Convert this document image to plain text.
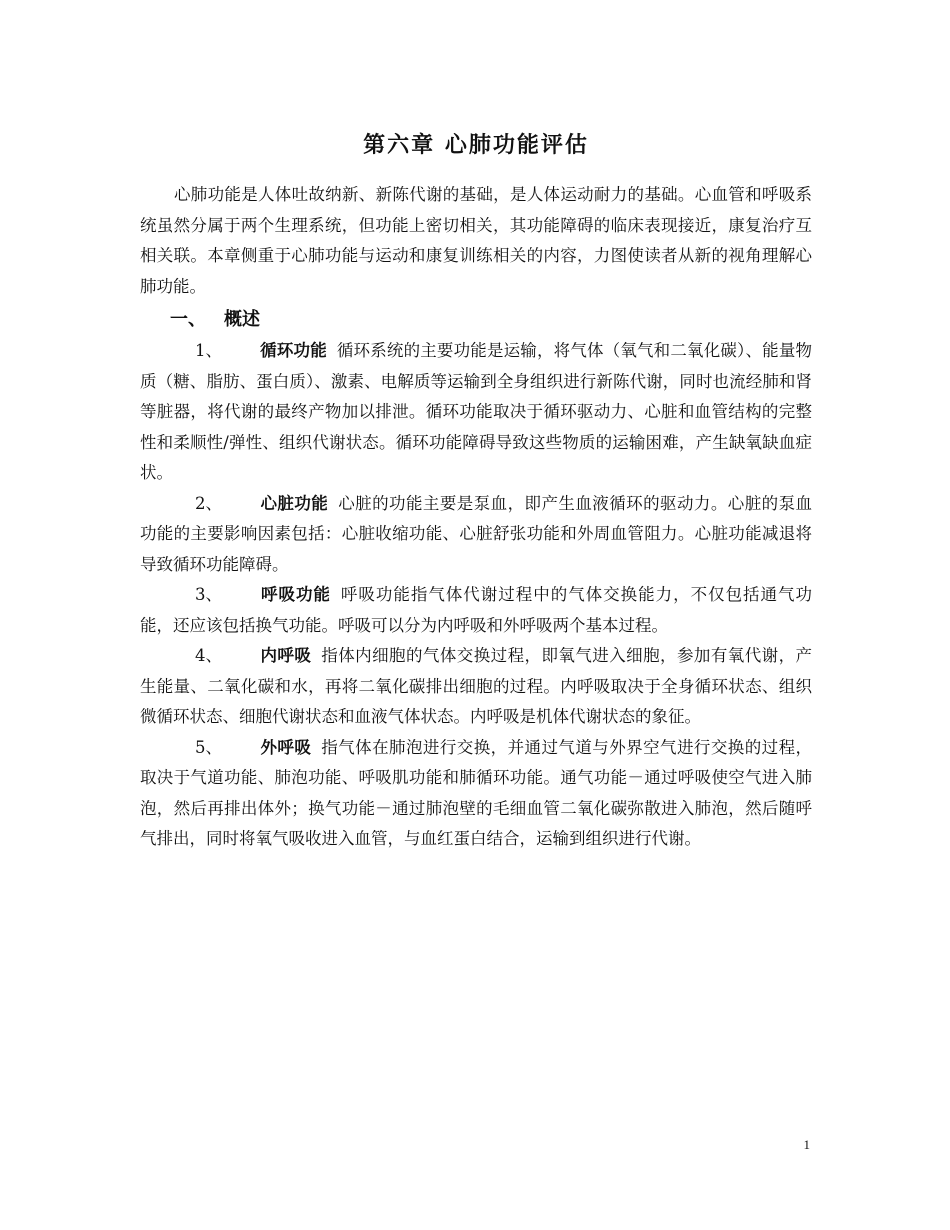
第六章 心肺功能评估

心肺功能是人体吐故纳新、新陈代谢的基础，是人体运动耐力的基础。心血管和呼吸系统虽然分属于两个生理系统，但功能上密切相关，其功能障碍的临床表现接近，康复治疗互相关联。本章侧重于心肺功能与运动和康复训练相关的内容，力图使读者从新的视角理解心肺功能。

一、 概述

1、 循环功能 循环系统的主要功能是运输，将气体（氧气和二氧化碳）、能量物质（糖、脂肪、蛋白质）、激素、电解质等运输到全身组织进行新陈代谢，同时也流经肺和肾等脏器，将代谢的最终产物加以排泄。循环功能取决于循环驱动力、心脏和血管结构的完整性和柔顺性/弹性、组织代谢状态。循环功能障碍导致这些物质的运输困难，产生缺氧缺血症状。

2、 心脏功能 心脏的功能主要是泵血，即产生血液循环的驱动力。心脏的泵血功能的主要影响因素包括：心脏收缩功能、心脏舒张功能和外周血管阻力。心脏功能减退将导致循环功能障碍。

3、 呼吸功能 呼吸功能指气体代谢过程中的气体交换能力，不仅包括通气功能，还应该包括换气功能。呼吸可以分为内呼吸和外呼吸两个基本过程。

4、 内呼吸 指体内细胞的气体交换过程，即氧气进入细胞，参加有氧代谢，产生能量、二氧化碳和水，再将二氧化碳排出细胞的过程。内呼吸取决于全身循环状态、组织微循环状态、细胞代谢状态和血液气体状态。内呼吸是机体代谢状态的象征。

5、 外呼吸 指气体在肺泡进行交换，并通过气道与外界空气进行交换的过程，取决于气道功能、肺泡功能、呼吸肌功能和肺循环功能。通气功能－通过呼吸使空气进入肺泡，然后再排出体外；换气功能－通过肺泡壁的毛细血管二氧化碳弥散进入肺泡，然后随呼气排出，同时将氧气吸收进入血管，与血红蛋白结合，运输到组织进行代谢。

1
